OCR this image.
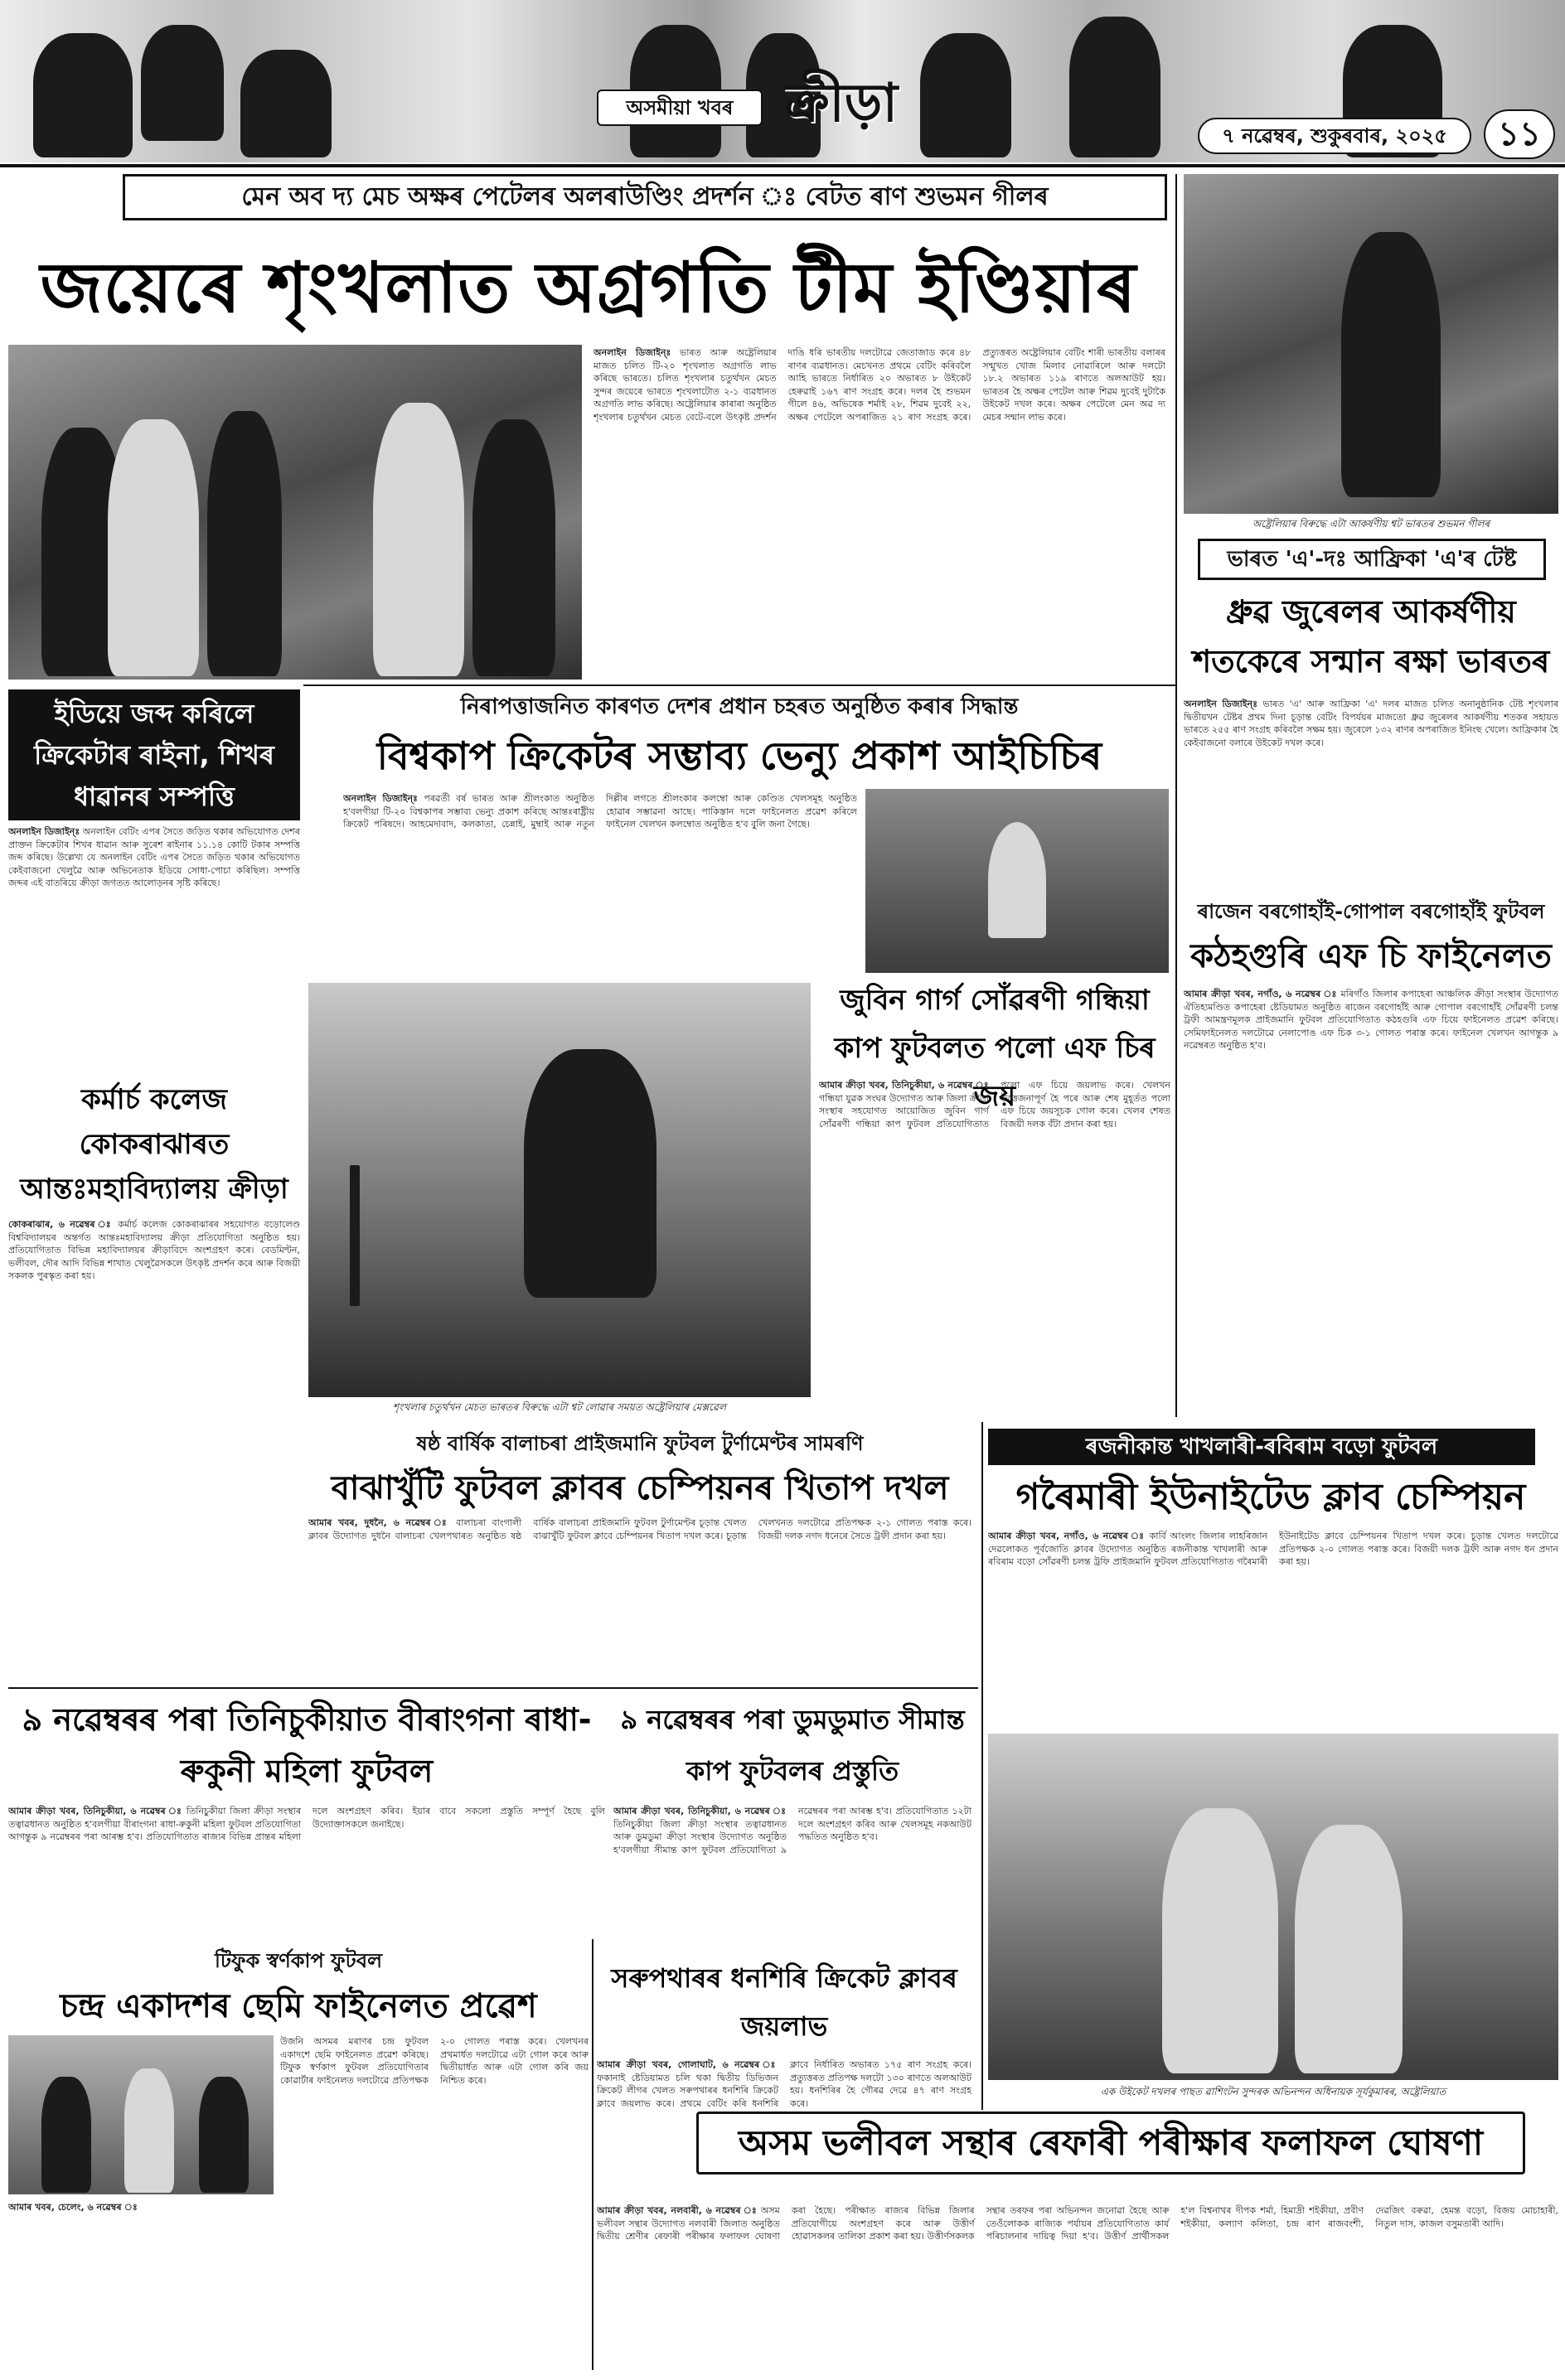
অসমীয়া খবৰ ক্ৰীড়া
৭ নৱেম্বৰ, শুকুৰবাৰ, ২০২৫	১১
মেন অব দ্য মেচ অক্ষৰ পেটেলৰ অলৰাউণ্ডিং প্ৰদৰ্শন ঃ বেটত ৰাণ শুভমন গীলৰ
জয়েৰে শৃংখলাত অগ্ৰগতি টীম ইণ্ডিয়াৰ
অনলাইন ডিজাইন্ঃ ভাৰত আৰু অষ্ট্ৰেলিয়াৰ মাজত চলিত টি-২০ শৃংখলাত অগ্ৰগতি লাভ কৰিছে ভাৰতে। চলিত শৃংখলাৰ চতুৰ্থখন মেচত সুন্দৰ জয়েৰে ভাৰতে শৃংখলাটোত ২-১ ব্যৱধানত অগ্ৰগতি লাভ কৰিছে। অষ্ট্ৰেলিয়াৰ কাৰাৰা অনুষ্ঠিত শৃংখলাৰ চতুৰ্থখন মেচত বেটে-বলে উৎকৃষ্ট প্ৰদৰ্শন দাঙি ধৰি ভাৰতীয় দলটোৱে জেতাজাড কৰে ৪৮ ৰাণৰ ব্যৱধানত। মেচখনত প্ৰথমে বেটিং কৰিবলৈ আহি ভাৰতে নিৰ্ধাৰিত ২০ অভাৰত ৮ উইকেট হেৰুৱাই ১৬৭ ৰাণ সংগ্ৰহ কৰে। দলৰ হৈ শুভমন গীলে ৪৬, অভিষেক শৰ্মাই ২৮, শিৱম দুবেই ২২, অক্ষৰ পেটেলে অপৰাজিত ২১ ৰাণ সংগ্ৰহ কৰে। প্ৰত্যুত্তৰত অষ্ট্ৰেলিয়াৰ বেটিং শাৰী ভাৰতীয় বলাৰৰ সন্মুখত খোজ মিলাব নোৱাৰিলে আৰু দলটো ১৮.২ অভাৰত ১১৯ ৰাণতে অলআউট হয়। ভাৰতৰ হৈ অক্ষৰ পেটেল আৰু শিৱম দুবেই দুটাকৈ উইকেট দখল কৰে। অক্ষৰ পেটেলে মেন অৱ দ্য মেচৰ সন্মান লাভ কৰে।
অষ্ট্ৰেলিয়াৰ বিৰুদ্ধে এটা আকৰ্ষণীয় শ্বট ভাৰতৰ শুভমন গীলৰ
ভাৰত 'এ'-দঃ আফ্ৰিকা 'এ'ৰ টেষ্ট
ধ্ৰুৱ জুৰেলৰ আকৰ্ষণীয় শতকেৰে সন্মান ৰক্ষা ভাৰতৰ
অনলাইন ডিজাইন্ঃ ভাৰত 'এ' আৰু আফ্ৰিকা 'এ' দলৰ মাজত চলিত অনানুষ্ঠানিক টেষ্ট শৃংখলাৰ দ্বিতীয়খন টেষ্টৰ প্ৰথম দিনা চূড়ান্ত বেটিং বিপৰ্যয়ৰ মাজতো ধ্ৰুৱ জুৰেলৰ আকৰ্ষণীয় শতকৰ সহায়ত ভাৰতে ২৫৫ ৰাণ সংগ্ৰহ কৰিবলৈ সক্ষম হয়। জুৰেলে ১৩২ ৰাণৰ অপৰাজিত ইনিংছ খেলে। আফ্ৰিকাৰ হৈ কেইবাজনো বলাৰে উইকেট দখল কৰে।
ইডিয়ে জব্দ কৰিলে ক্ৰিকেটাৰ ৰাইনা, শিখৰ ধাৱানৰ সম্পত্তি
অনলাইন ডিজাইন্ঃ অনলাইন বেটিং এপৰ সৈতে জড়িত থকাৰ অভিযোগত দেশৰ প্ৰাক্তন ক্ৰিকেটাৰ শিখৰ ধাৱান আৰু সুৰেশ ৰাইনাৰ ১১.১৪ কোটি টকাৰ সম্পত্তি জব্দ কৰিছে। উল্লেখ্য যে অনলাইন বেটিং এপৰ সৈতে জড়িত থকাৰ অভিযোগত কেইবাজনো খেলুৱৈ আৰু অভিনেতাক ইডিয়ে সোধা-পোচা কৰিছিল। সম্পত্তি জব্দৰ এই বাতৰিয়ে ক্ৰীড়া জগতত আলোড়নৰ সৃষ্টি কৰিছে।
নিৰাপত্তাজনিত কাৰণত দেশৰ প্ৰধান চহৰত অনুষ্ঠিত কৰাৰ সিদ্ধান্ত
বিশ্বকাপ ক্ৰিকেটৰ সম্ভাব্য ভেন্যু প্ৰকাশ আইচিচিৰ
অনলাইন ডিজাইন্ঃ পৰৱৰ্তী বৰ্ষ ভাৰত আৰু শ্ৰীলংকাত অনুষ্ঠিত হ'বলগীয়া টি-২০ বিশ্বকাপৰ সম্ভাব্য ভেন্যু প্ৰকাশ কৰিছে আন্তঃৰাষ্ট্ৰীয় ক্ৰিকেট পৰিষদে। আহমেদাবাদ, কলকাতা, চেন্নাই, মুম্বাই আৰু নতুন দিল্লীৰ লগতে শ্ৰীলংকাৰ কলম্বো আৰু কেণ্ডিত খেলসমূহ অনুষ্ঠিত হোৱাৰ সম্ভাৱনা আছে। পাকিস্তান দলে ফাইনেলত প্ৰৱেশ কৰিলে ফাইনেল খেলখন কলম্বোত অনুষ্ঠিত হ'ব বুলি জনা গৈছে।
কৰ্মাৰ্চ কলেজ কোকৰাঝাৰত আন্তঃমহাবিদ্যালয় ক্ৰীড়া
কোকৰাঝাৰ, ৬ নৱেম্বৰ ঃ কৰ্মাৰ্চ কলেজ কোকৰাঝাৰৰ সহযোগত বড়োলেণ্ড বিশ্ববিদ্যালয়ৰ অন্তৰ্গত আন্তঃমহাবিদ্যালয় ক্ৰীড়া প্ৰতিযোগিতা অনুষ্ঠিত হয়। প্ৰতিযোগিতাত বিভিন্ন মহাবিদ্যালয়ৰ ক্ৰীড়াবিদে অংশগ্ৰহণ কৰে। বেডমিণ্টন, ভলীবল, দৌৰ আদি বিভিন্ন শাখাত খেলুৱৈসকলে উৎকৃষ্ট প্ৰদৰ্শন কৰে আৰু বিজয়ী সকলক পুৰস্কৃত কৰা হয়।
শৃংখলাৰ চতুৰ্থখন মেচত ভাৰতৰ বিৰুদ্ধে এটা শ্বট লোৱাৰ সময়ত অষ্ট্ৰেলিয়াৰ মেক্সৱেল
জুবিন গাৰ্গ সোঁৱৰণী গন্ধিয়া কাপ ফুটবলত পলো এফ চিৰ জয়
আমাৰ ক্ৰীড়া খবৰ, তিনিচুকীয়া, ৬ নৱেম্বৰ ঃ গন্ধিয়া যুৱক সংঘৰ উদ্যোগত আৰু জিলা ক্ৰীড়া সংস্থাৰ সহযোগত আয়োজিত জুবিন গাৰ্গ সোঁৱৰণী গন্ধিয়া কাপ ফুটবল প্ৰতিযোগিতাত পলো এফ চিয়ে জয়লাভ কৰে। খেলখন উত্তেজনাপূৰ্ণ হৈ পৰে আৰু শেষ মুহূৰ্তত পলো এফ চিয়ে জয়সূচক গোল কৰে। খেলৰ শেষত বিজয়ী দলক বঁটা প্ৰদান কৰা হয়।
ৰাজেন বৰগোহাঁই-গোপাল বৰগোহাঁই ফুটবল
কঠহগুৰি এফ চি ফাইনেলত
আমাৰ ক্ৰীড়া খবৰ, নগাঁও, ৬ নৱেম্বৰ ঃ মৰিগাঁও জিলাৰ কপাহেৰা আঞ্চলিক ক্ৰীড়া সংস্থাৰ উদ্যোগত ঐতিহ্যমণ্ডিত কপাহেৰা ষ্টেডিয়ামত অনুষ্ঠিত ৰাজেন বৰগোহাঁই আৰু গোপাল বৰগোহাঁই সোঁৱৰণী চলন্ত ট্ৰফী আমন্ত্ৰণমূলক প্ৰাইজমানি ফুটবল প্ৰতিযোগিতাত কঠহগুৰি এফ চিয়ে ফাইনেলত প্ৰৱেশ কৰিছে। সেমিফাইনেলত দলটোৱে নেলাপোঙ এফ চিক ৩-১ গোলত পৰাস্ত কৰে। ফাইনেল খেলখন আগন্তুক ৯ নৱেম্বৰত অনুষ্ঠিত হ'ব।
ষষ্ঠ বাৰ্ষিক বালাচৰা প্ৰাইজমানি ফুটবল টুৰ্ণামেণ্টৰ সামৰণি
বাঝাখুঁটি ফুটবল ক্লাবৰ চেম্পিয়নৰ খিতাপ দখল
আমাৰ খবৰ, দুধনৈ, ৬ নৱেম্বৰ ঃ বালাচৰা বাংগালী ক্লাবৰ উদ্যোগত দুধনৈ বালাচৰা খেলপথাৰত অনুষ্ঠিত ষষ্ঠ বাৰ্ষিক বালাচৰা প্ৰাইজমানি ফুটবল টুৰ্ণামেণ্টৰ চূড়ান্ত খেলত বাঝাখুঁটি ফুটবল ক্লাবে চেম্পিয়নৰ খিতাপ দখল কৰে। চূড়ান্ত খেলখনত দলটোৱে প্ৰতিপক্ষক ২-১ গোলত পৰাস্ত কৰে। বিজয়ী দলক নগদ ধনেৰে সৈতে ট্ৰফী প্ৰদান কৰা হয়।
ৰজনীকান্ত খাখলাৰী-ৰবিৰাম বড়ো ফুটবল
গৰৈমাৰী ইউনাইটেড ক্লাব চেম্পিয়ন
আমাৰ ক্ৰীড়া খবৰ, নগাঁও, ৬ নৱেম্বৰ ঃ কাৰ্বি আংলং জিলাৰ লাহৰিজান দেৱলোকত পূৰ্বজোতি ক্লাবৰ উদ্যোগত অনুষ্ঠিত ৰজনীকান্ত খাখলাৰী আৰু ৰবিৰাম বড়ো সোঁৱৰণী চলন্ত ট্ৰফি প্ৰাইজমানি ফুটবল প্ৰতিযোগিতাত গৰৈমাৰী ইউনাইটেড ক্লাবে চেম্পিয়নৰ খিতাপ দখল কৰে। চূড়ান্ত খেলত দলটোৱে প্ৰতিপক্ষক ২-০ গোলত পৰাস্ত কৰে। বিজয়ী দলক ট্ৰফী আৰু নগদ ধন প্ৰদান কৰা হয়।
৯ নৱেম্বৰৰ পৰা তিনিচুকীয়াত বীৰাংগনা ৰাধা-ৰুকুনী মহিলা ফুটবল
আমাৰ ক্ৰীড়া খবৰ, তিনিচুকীয়া, ৬ নৱেম্বৰ ঃ তিনিচুকীয়া জিলা ক্ৰীড়া সংস্থাৰ তত্বাৱধানত অনুষ্ঠিত হ'বলগীয়া বীৰাংগনা ৰাধা-ৰুকুনী মহিলা ফুটবল প্ৰতিযোগিতা আগন্তুক ৯ নৱেম্বৰৰ পৰা আৰম্ভ হ'ব। প্ৰতিযোগিতাত ৰাজ্যৰ বিভিন্ন প্ৰান্তৰ মহিলা দলে অংশগ্ৰহণ কৰিব। ইয়াৰ বাবে সকলো প্ৰস্তুতি সম্পূৰ্ণ হৈছে বুলি উদ্যোক্তাসকলে জনাইছে।
৯ নৱেম্বৰৰ পৰা ডুমডুমাত সীমান্ত কাপ ফুটবলৰ প্ৰস্তুতি
আমাৰ ক্ৰীড়া খবৰ, তিনিচুকীয়া, ৬ নৱেম্বৰ ঃ তিনিচুকীয়া জিলা ক্ৰীড়া সংস্থাৰ তত্বাৱধানত আৰু ডুমডুমা ক্ৰীড়া সংস্থাৰ উদ্যোগত অনুষ্ঠিত হ'বলগীয়া সীমান্ত কাপ ফুটবল প্ৰতিযোগিতা ৯ নৱেম্বৰৰ পৰা আৰম্ভ হ'ব। প্ৰতিযোগিতাত ১২টা দলে অংশগ্ৰহণ কৰিব আৰু খেলসমূহ নকআউট পদ্ধতিত অনুষ্ঠিত হ'ব।
এক উইকেট দখলৰ পাছত ৱাশিংটন সুন্দৰক অভিনন্দন অধিনায়ক সূৰ্যকুমাৰৰ, অষ্ট্ৰেলিয়াত
টিফুক স্বৰ্ণকাপ ফুটবল
চন্দ্ৰ একাদশৰ ছেমি ফাইনেলত প্ৰৱেশ
উজনি অসমৰ মৰাণৰ চন্দ্ৰ ফুটবল একাদশে ছেমি ফাইনেলত প্ৰৱেশ কৰিছে। টিফুক স্বৰ্ণকাপ ফুটবল প্ৰতিযোগিতাৰ কোৱাৰ্টাৰ ফাইনেলত দলটোৱে প্ৰতিপক্ষক ২-০ গোলত পৰাস্ত কৰে। খেলখনৰ প্ৰথমাৰ্ধত দলটোৱে এটা গোল কৰে আৰু দ্বিতীয়াৰ্ধত আৰু এটা গোল কৰি জয় নিশ্চিত কৰে।
আমাৰ খবৰ, চেলেং, ৬ নৱেম্বৰ ঃ
সৰুপথাৰৰ ধনশিৰি ক্ৰিকেট ক্লাবৰ জয়লাভ
আমাৰ ক্ৰীড়া খবৰ, গোলাঘাট, ৬ নৱেম্বৰ ঃ ফকানাই ষ্টেডিয়ামত চলি থকা দ্বিতীয় ডিভিজন ক্ৰিকেট লীগৰ খেলত সৰুপথাৰৰ ধনশিৰি ক্ৰিকেট ক্লাবে জয়লাভ কৰে। প্ৰথমে বেটিং কৰি ধনশিৰি ক্লাবে নিৰ্ধাৰিত অভাৰত ১৭৫ ৰাণ সংগ্ৰহ কৰে। প্ৰত্যুত্তৰত প্ৰতিপক্ষ দলটো ১৩০ ৰাণতে অলআউট হয়। ধনশিৰিৰ হৈ গৌৰৱ দেৱে ৪৭ ৰাণ সংগ্ৰহ কৰে।
অসম ভলীবল সন্থাৰ ৰেফাৰী পৰীক্ষাৰ ফলাফল ঘোষণা
আমাৰ ক্ৰীড়া খবৰ, নলবাৰী, ৬ নৱেম্বৰ ঃ অসম ভলীবল সন্থাৰ উদ্যোগত নলবাৰী জিলাত অনুষ্ঠিত দ্বিতীয় শ্ৰেণীৰ ৰেফাৰী পৰীক্ষাৰ ফলাফল ঘোষণা কৰা হৈছে। পৰীক্ষাত ৰাজ্যৰ বিভিন্ন জিলাৰ প্ৰতিযোগীয়ে অংশগ্ৰহণ কৰে আৰু উত্তীৰ্ণ হোৱাসকলৰ তালিকা প্ৰকাশ কৰা হয়। উত্তীৰ্ণসকলক সন্থাৰ তৰফৰ পৰা অভিনন্দন জনোৱা হৈছে আৰু তেওঁলোকক ৰাজ্যিক পৰ্যায়ৰ প্ৰতিযোগিতাত কাৰ্য পৰিচালনাৰ দায়িত্ব দিয়া হ'ব। উত্তীৰ্ণ প্ৰাৰ্থীসকল হ'ল বিশ্বনাথৰ দীপক শৰ্মা, হিমাদ্ৰী শইকীয়া, প্ৰবীণ শইকীয়া, কল্যাণ কলিতা, চন্দ্ৰ ৰাণ ৰাজবংশী, দেৱজিৎ বৰুৱা, হেমন্ত বড়ো, বিজয় মোচাহাৰী, নিতুল দাস, কাজল বসুমতাৰী আদি।
